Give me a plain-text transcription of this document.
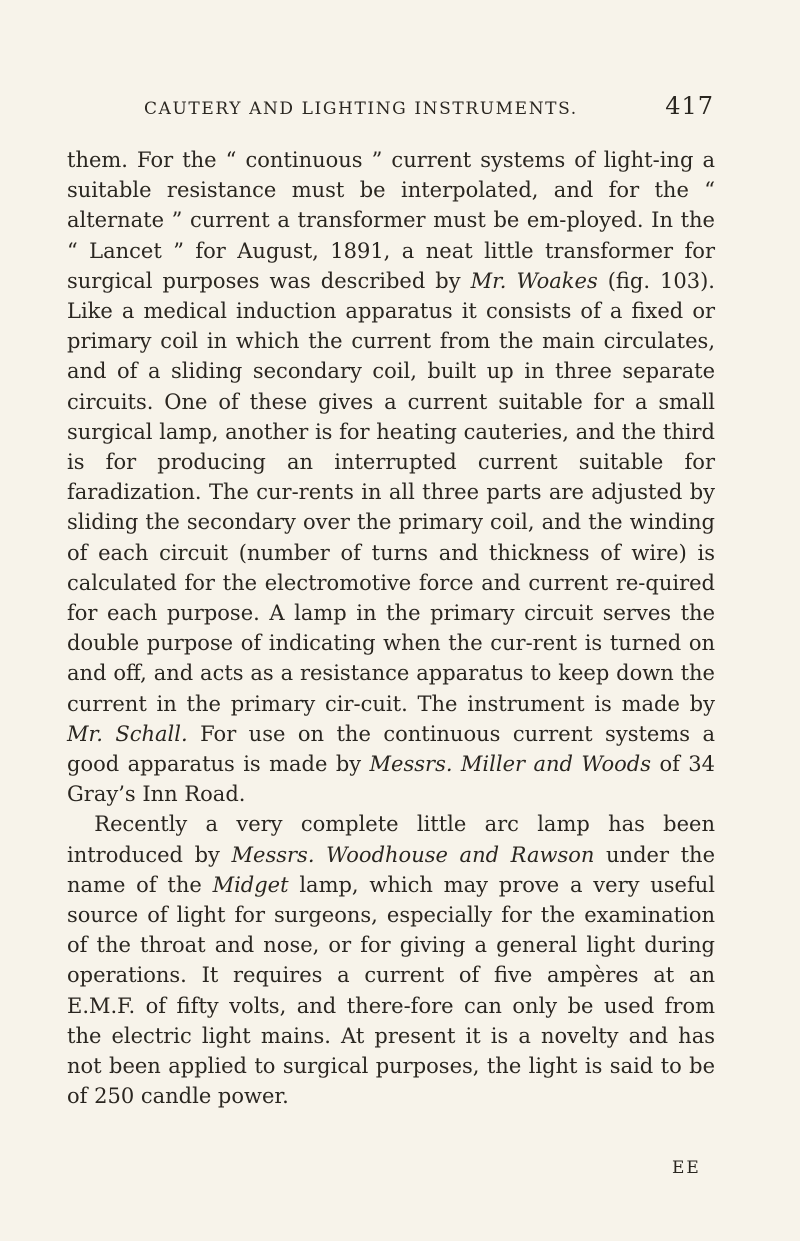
CAUTERY AND LIGHTING INSTRUMENTS.	417

them. For the “ continuous ” current systems of light-ing a suitable resistance must be interpolated, and for the “ alternate ” current a transformer must be em-ployed. In the “ Lancet ” for August, 1891, a neat little transformer for surgical purposes was described by Mr. Woakes (fig. 103). Like a medical induction apparatus it consists of a fixed or primary coil in which the current from the main circulates, and of a sliding secondary coil, built up in three separate circuits. One of these gives a current suitable for a small surgical lamp, another is for heating cauteries, and the third is for producing an interrupted current suitable for faradization. The cur-rents in all three parts are adjusted by sliding the secondary over the primary coil, and the winding of each circuit (number of turns and thickness of wire) is calculated for the electromotive force and current re-quired for each purpose. A lamp in the primary circuit serves the double purpose of indicating when the cur-rent is turned on and off, and acts as a resistance apparatus to keep down the current in the primary cir-cuit. The instrument is made by Mr. Schall. For use on the continuous current systems a good apparatus is made by Messrs. Miller and Woods of 34 Gray’s Inn Road.

Recently a very complete little arc lamp has been introduced by Messrs. Woodhouse and Rawson under the name of the Midget lamp, which may prove a very useful source of light for surgeons, especially for the examination of the throat and nose, or for giving a general light during operations. It requires a current of five ampères at an E.M.F. of fifty volts, and there-fore can only be used from the electric light mains. At present it is a novelty and has not been applied to surgical purposes, the light is said to be of 250 candle power.

EE
